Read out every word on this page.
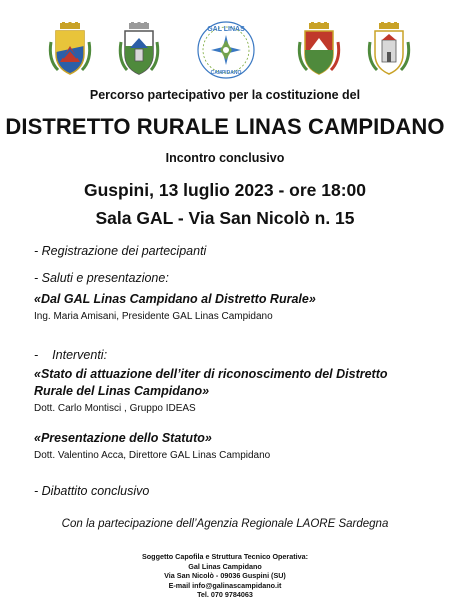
GAL LINAS
CAMPIDANO
Percorso partecipativo per la costituzione del
DISTRETTO RURALE LINAS CAMPIDANO
Incontro conclusivo
Guspini, 13 luglio 2023 - ore 18:00
Sala GAL - Via San Nicolò n. 15
- Registrazione dei partecipanti
- Saluti e presentazione:
«Dal GAL Linas Campidano al Distretto Rurale»
Ing. Maria Amisani, Presidente GAL Linas Campidano
- Interventi:
«Stato di attuazione dell’iter di riconoscimento del Distretto
Rurale del Linas Campidano»
Dott. Carlo Montisci , Gruppo IDEAS
«Presentazione dello Statuto»
Dott. Valentino Acca, Direttore GAL Linas Campidano
- Dibattito conclusivo
Con la partecipazione dell’Agenzia Regionale LAORE Sardegna
Soggetto Capofila e Struttura Tecnico Operativa:
Gal Linas Campidano
Via San Nicolò - 09036 Guspini (SU)
E-mail info@galinascampidano.it
Tel. 070 9784063
